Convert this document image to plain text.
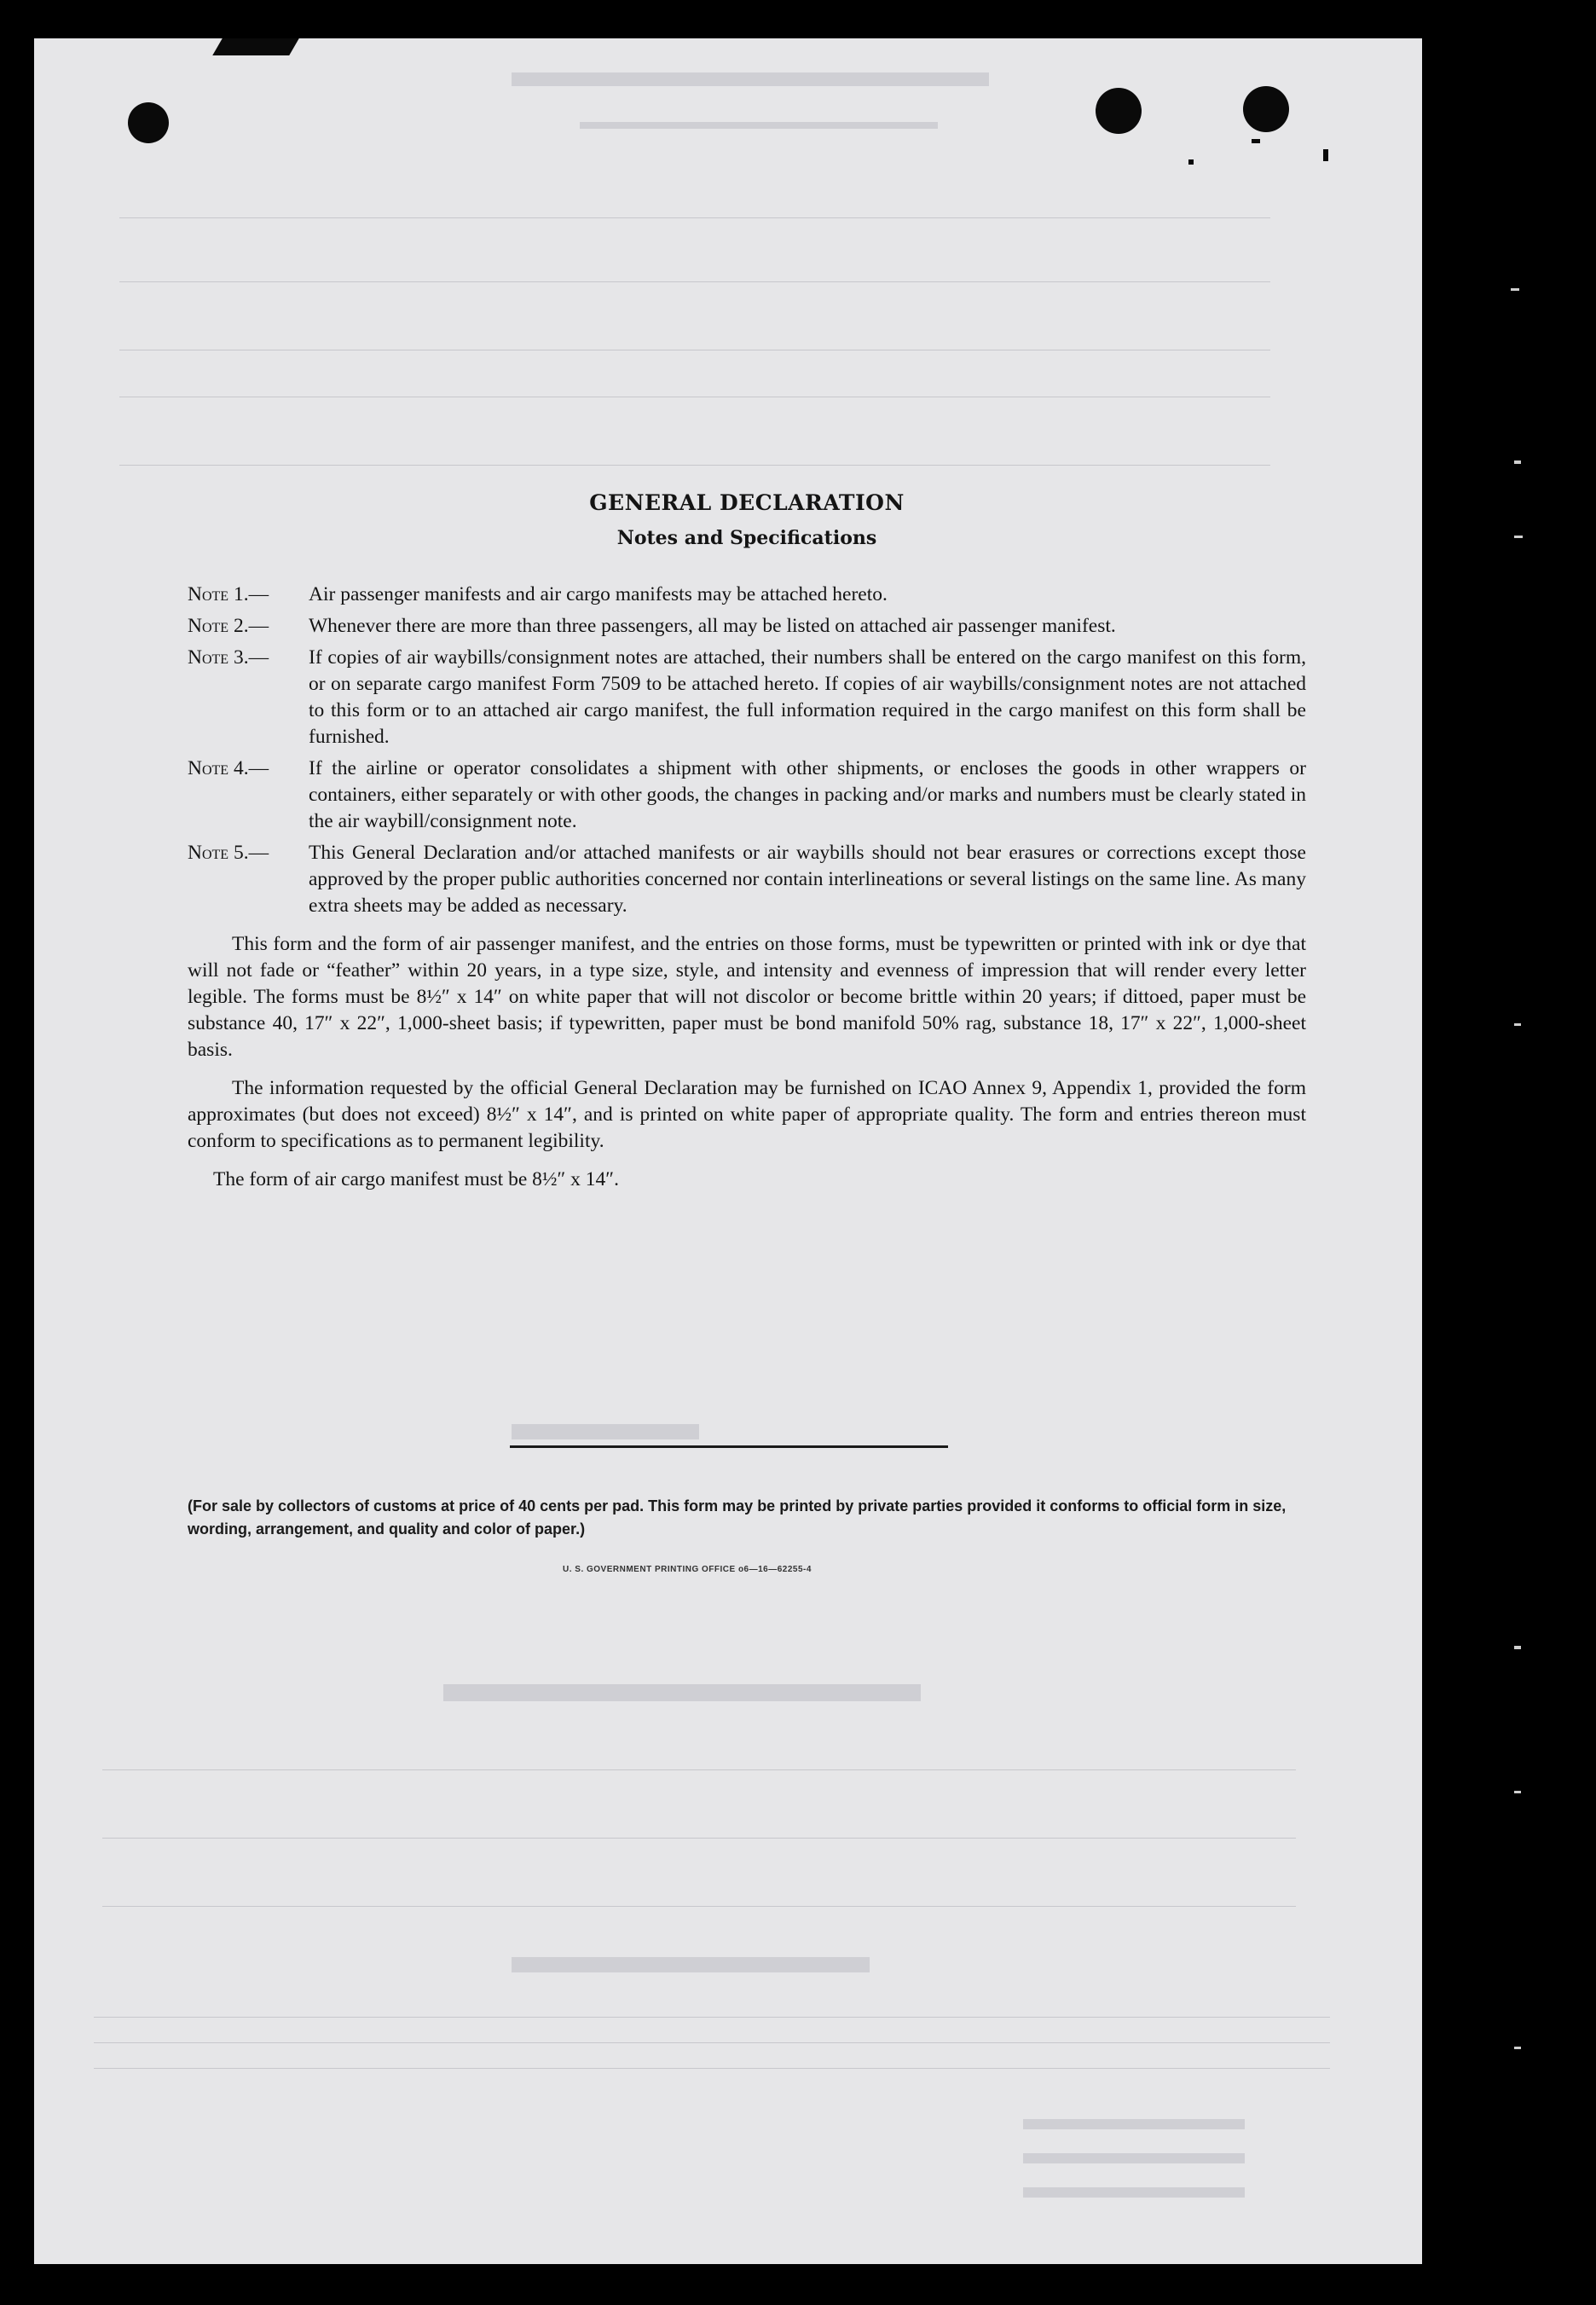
GENERAL DECLARATION
Notes and Specifications
Note 1.—	Air passenger manifests and air cargo manifests may be attached hereto.
Note 2.—	Whenever there are more than three passengers, all may be listed on attached air passenger manifest.
Note 3.—	If copies of air waybills/consignment notes are attached, their numbers shall be entered on the cargo manifest on this form, or on separate cargo manifest Form 7509 to be attached hereto. If copies of air waybills/consignment notes are not attached to this form or to an attached air cargo manifest, the full information required in the cargo manifest on this form shall be furnished.
Note 4.—	If the airline or operator consolidates a shipment with other shipments, or encloses the goods in other wrappers or containers, either separately or with other goods, the changes in packing and/or marks and numbers must be clearly stated in the air waybill/consignment note.
Note 5.—	This General Declaration and/or attached manifests or air waybills should not bear erasures or corrections except those approved by the proper public authorities concerned nor contain interlineations or several listings on the same line. As many extra sheets may be added as necessary.

This form and the form of air passenger manifest, and the entries on those forms, must be typewritten or printed with ink or dye that will not fade or “feather” within 20 years, in a type size, style, and intensity and evenness of impression that will render every letter legible. The forms must be 8½″ x 14″ on white paper that will not discolor or become brittle within 20 years; if dittoed, paper must be substance 40, 17″ x 22″, 1,000-sheet basis; if typewritten, paper must be bond manifold 50% rag, substance 18, 17″ x 22″, 1,000-sheet basis.

The information requested by the official General Declaration may be furnished on ICAO Annex 9, Appendix 1, provided the form approximates (but does not exceed) 8½″ x 14″, and is printed on white paper of appropriate quality. The form and entries thereon must conform to specifications as to permanent legibility.

The form of air cargo manifest must be 8½″ x 14″.

(For sale by collectors of customs at price of 40 cents per pad. This form may be printed by private parties provided it conforms to official form in size, wording, arrangement, and quality and color of paper.)
U. S. GOVERNMENT PRINTING OFFICE o6—16—62255-4
